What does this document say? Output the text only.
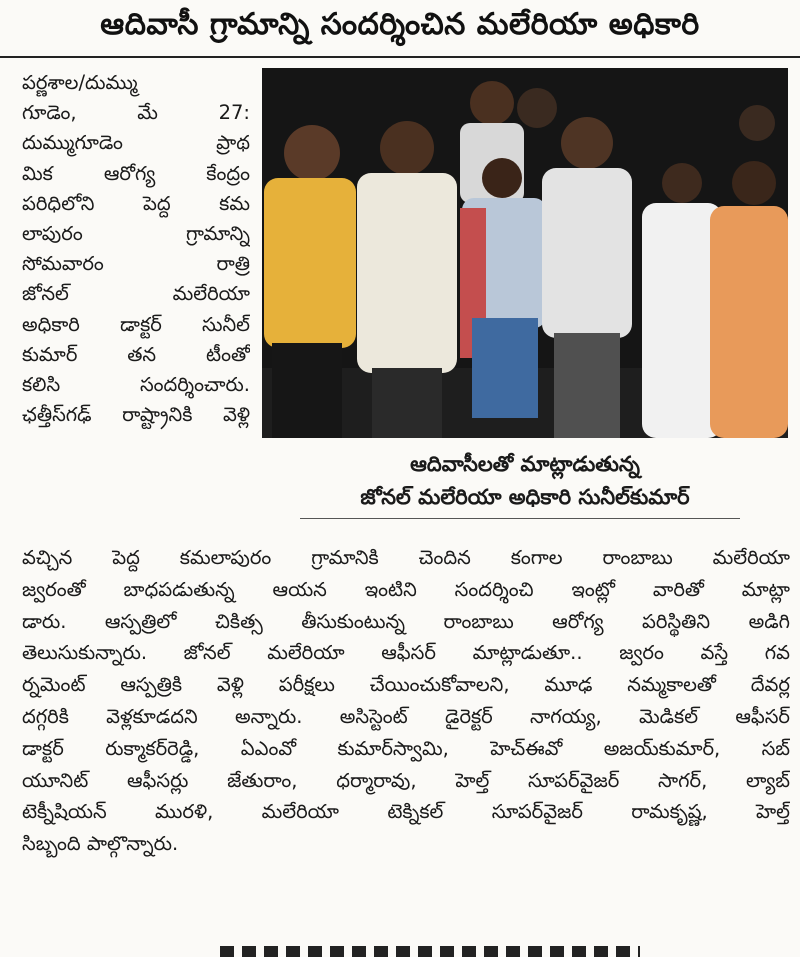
ఆదివాసీ గ్రామాన్ని సందర్శించిన మలేరియా అధికారి
పర్ణశాల/దుమ్ము
గూడెం, మే 27:
దుమ్ముగూడెం ప్రాథ
మిక ఆరోగ్య కేంద్రం
పరిధిలోని పెద్ద కమ
లాపురం గ్రామాన్ని
సోమవారం రాత్రి
జోనల్ మలేరియా
అధికారి డాక్టర్ సునీల్
కుమార్ తన టీంతో
కలిసి సందర్శించారు.
ఛత్తీస్‌గఢ్ రాష్ట్రానికి వెళ్లి
ఆదివాసీలతో మాట్లాడుతున్న
జోనల్ మలేరియా అధికారి సునీల్‌కుమార్
వచ్చిన పెద్ద కమలాపురం గ్రామానికి చెందిన కంగాల రాంబాబు మలేరియా
జ్వరంతో బాధపడుతున్న ఆయన ఇంటిని సందర్శించి ఇంట్లో వారితో మాట్లా
డారు. ఆస్పత్రిలో చికిత్స తీసుకుంటున్న రాంబాబు ఆరోగ్య పరిస్థితిని అడిగి
తెలుసుకున్నారు. జోనల్ మలేరియా ఆఫీసర్ మాట్లాడుతూ.. జ్వరం వస్తే గవ
ర్నమెంట్ ఆస్పత్రికి వెళ్లి పరీక్షలు చేయించుకోవాలని, మూఢ నమ్మకాలతో దేవర్ల
దగ్గరికి వెళ్లకూడదని అన్నారు. అసిస్టెంట్ డైరెక్టర్ నాగయ్య, మెడికల్ ఆఫీసర్
డాక్టర్ రుక్మాకర్‌రెడ్డి, ఏఎంవో కుమార్‌స్వామి, హెచ్‌ఈవో అజయ్‌కుమార్, సబ్
యూనిట్ ఆఫీసర్లు జేతురాం, ధర్మారావు, హెల్త్ సూపర్‌వైజర్ సాగర్, ల్యాబ్
టెక్నీషియన్ మురళి, మలేరియా టెక్నికల్ సూపర్‌వైజర్ రామకృష్ణ, హెల్త్
సిబ్బంది పాల్గొన్నారు.
